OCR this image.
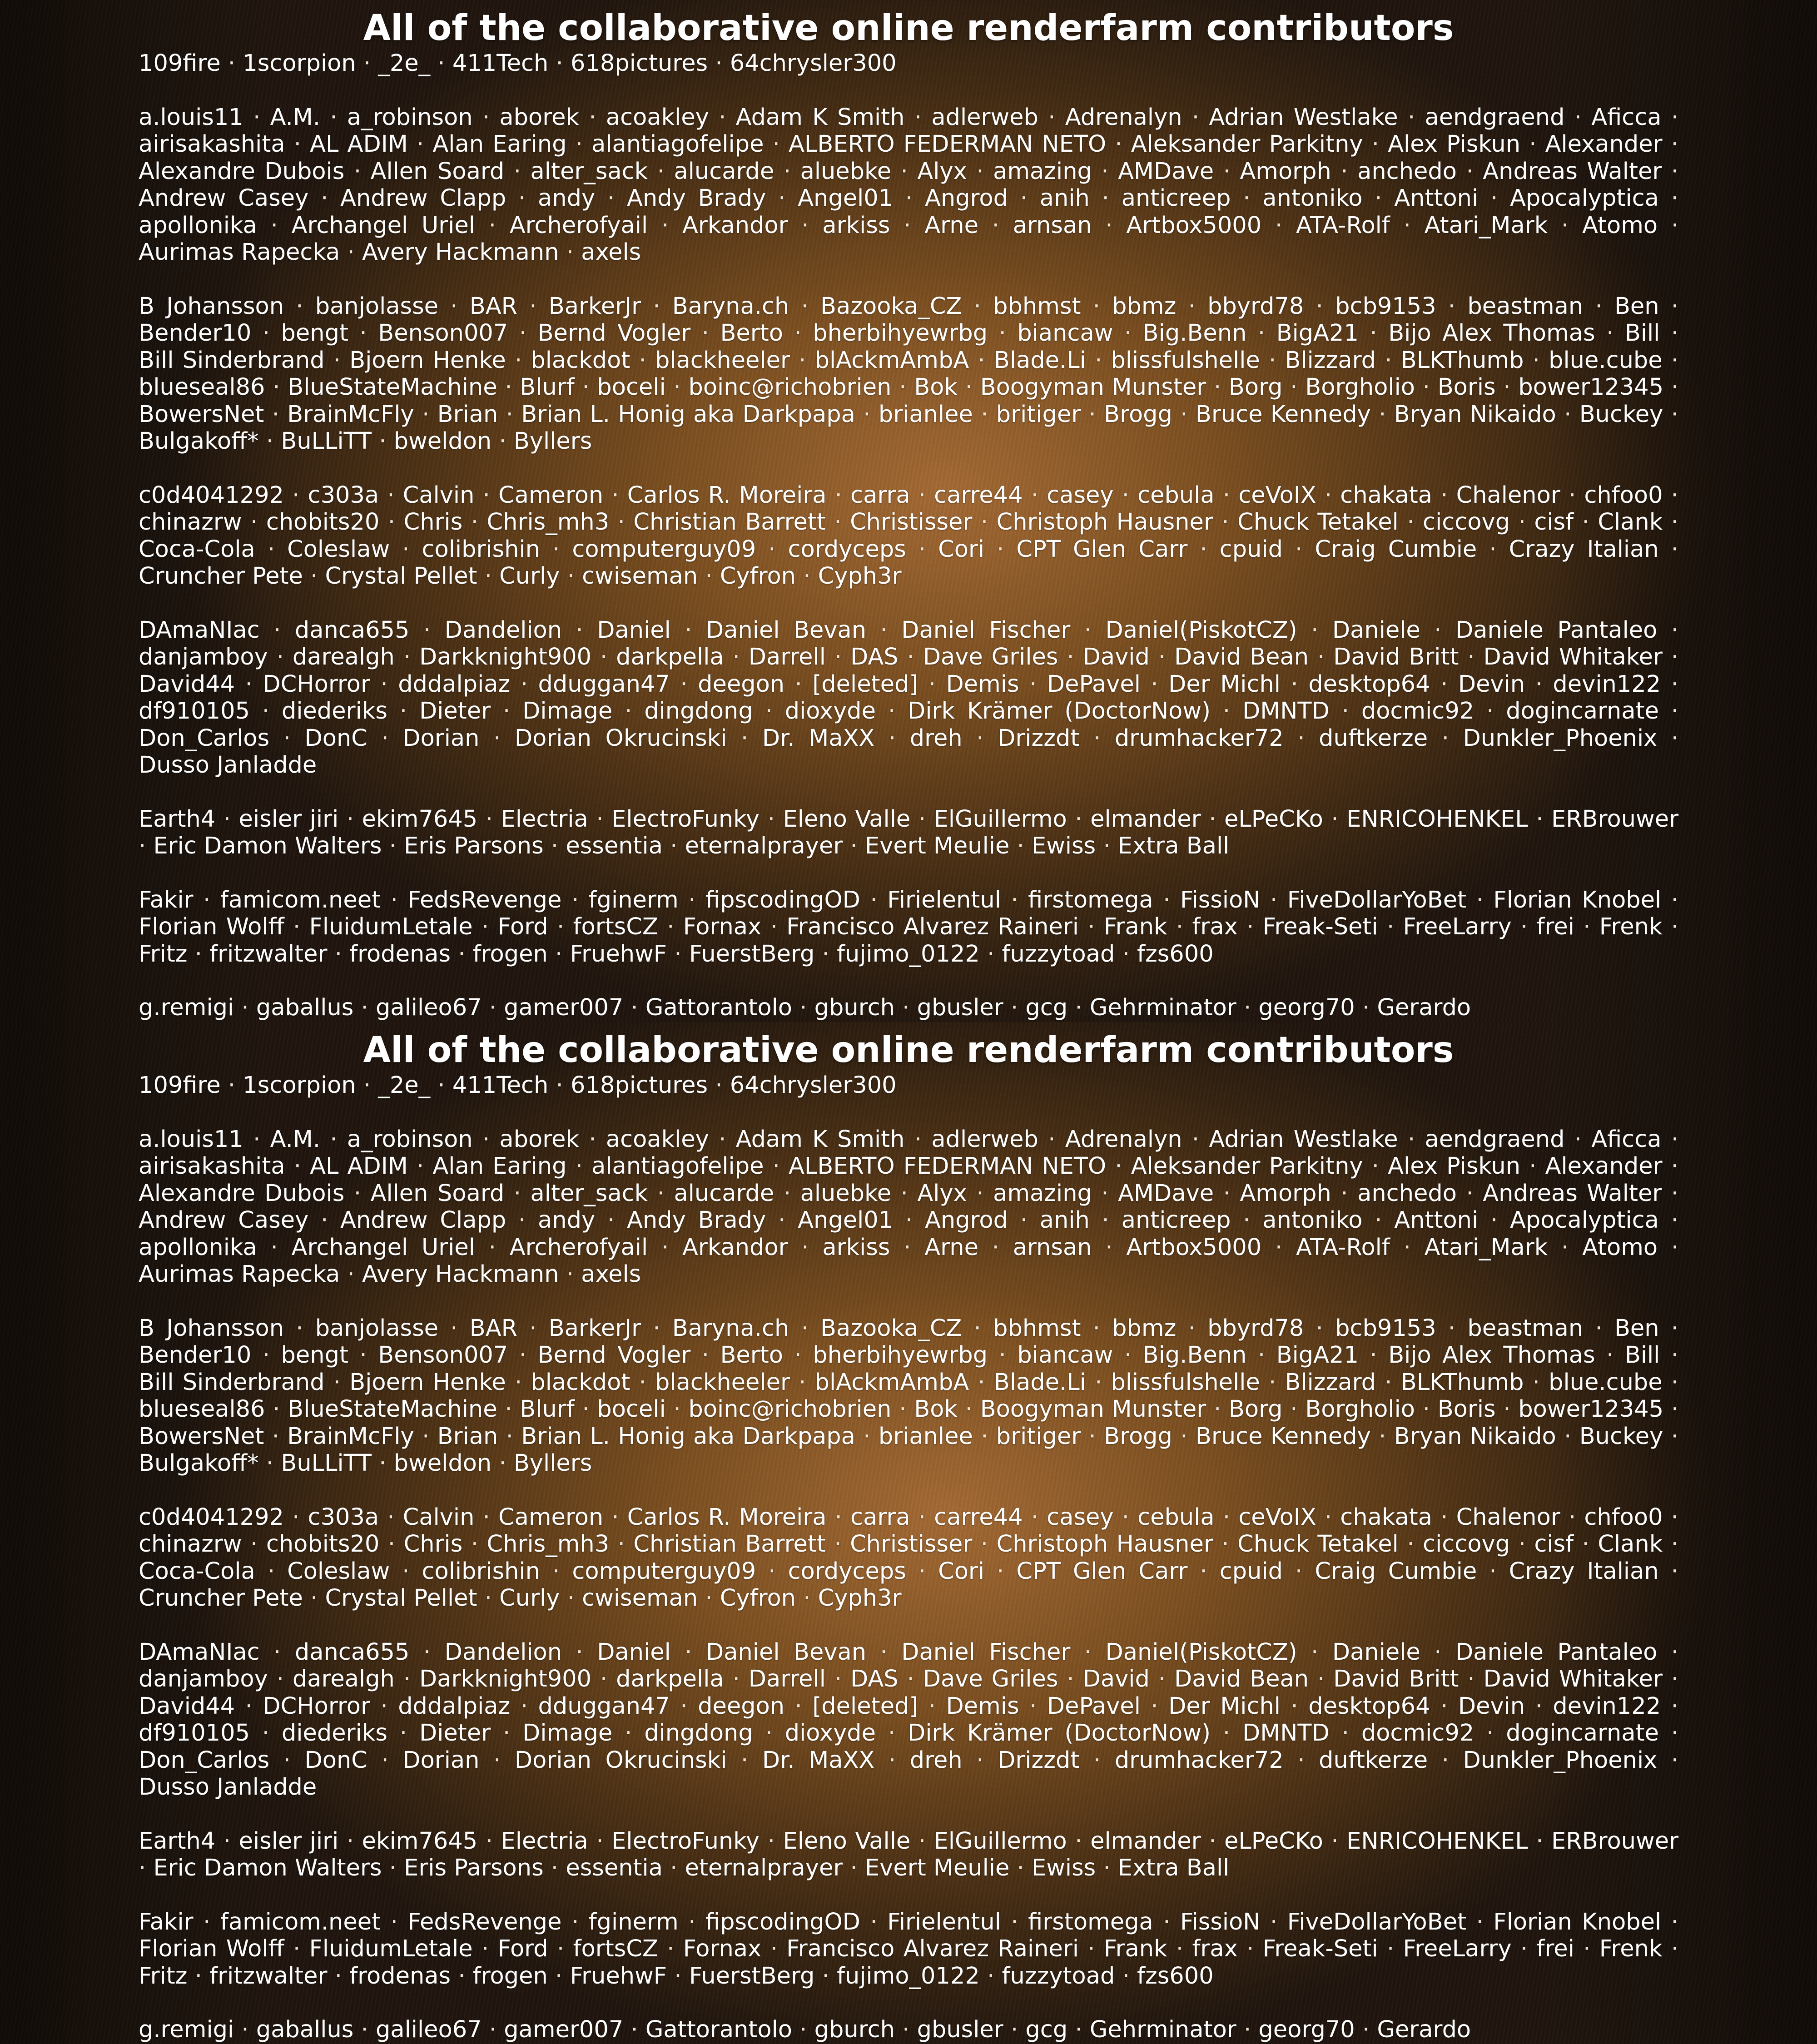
All of the collaborative online renderfarm contributors
109fire · 1scorpion · _2e_ · 411Tech · 618pictures · 64chrysler300
a.louis11 · A.M. · a_robinson · aborek · acoakley · Adam K Smith · adlerweb · Adrenalyn · Adrian Westlake · aendgraend · Aficca · airisakashita · AL ADIM · Alan Earing · alantiagofelipe · ALBERTO FEDERMAN NETO · Aleksander Parkitny · Alex Piskun · Alexander · Alexandre Dubois · Allen Soard · alter_sack · alucarde · aluebke · Alyx · amazing · AMDave · Amorph · anchedo · Andreas Walter · Andrew Casey · Andrew Clapp · andy · Andy Brady · Angel01 · Angrod · anih · anticreep · antoniko · Anttoni · Apocalyptica · apollonika · Archangel Uriel · Archerofyail · Arkandor · arkiss · Arne · arnsan · Artbox5000 · ATA-Rolf · Atari_Mark · Atomo · Aurimas Rapecka · Avery Hackmann · axels
B Johansson · banjolasse · BAR · BarkerJr · Baryna.ch · Bazooka_CZ · bbhmst · bbmz · bbyrd78 · bcb9153 · beastman · Ben · Bender10 · bengt · Benson007 · Bernd Vogler · Berto · bherbihyewrbg · biancaw · Big.Benn · BigA21 · Bijo Alex Thomas · Bill · Bill Sinderbrand · Bjoern Henke · blackdot · blackheeler · blAckmAmbA · Blade.Li · blissfulshelle · Blizzard · BLKThumb · blue.cube · blueseal86 · BlueStateMachine · Blurf · boceli · boinc@richobrien · Bok · Boogyman Munster · Borg · Borgholio · Boris · bower12345 · BowersNet · BrainMcFly · Brian · Brian L. Honig aka Darkpapa · brianlee · britiger · Brogg · Bruce Kennedy · Bryan Nikaido · Buckey · Bulgakoff* · BuLLiTT · bweldon · Byllers
c0d4041292 · c303a · Calvin · Cameron · Carlos R. Moreira · carra · carre44 · casey · cebula · ceVoIX · chakata · Chalenor · chfoo0 · chinazrw · chobits20 · Chris · Chris_mh3 · Christian Barrett · Christisser · Christoph Hausner · Chuck Tetakel · ciccovg · cisf · Clank · Coca-Cola · Coleslaw · colibrishin · computerguy09 · cordyceps · Cori · CPT Glen Carr · cpuid · Craig Cumbie · Crazy Italian · Cruncher Pete · Crystal Pellet · Curly · cwiseman · Cyfron · Cyph3r
DAmaNIac · danca655 · Dandelion · Daniel · Daniel Bevan · Daniel Fischer · Daniel(PiskotCZ) · Daniele · Daniele Pantaleo · danjamboy · darealgh · Darkknight900 · darkpella · Darrell · DAS · Dave Griles · David · David Bean · David Britt · David Whitaker · David44 · DCHorror · dddalpiaz · dduggan47 · deegon · [deleted] · Demis · DePavel · Der Michl · desktop64 · Devin · devin122 · df910105 · diederiks · Dieter · Dimage · dingdong · dioxyde · Dirk Krämer (DoctorNow) · DMNTD · docmic92 · dogincarnate · Don_Carlos · DonC · Dorian · Dorian Okrucinski · Dr. MaXX · dreh · Drizzdt · drumhacker72 · duftkerze · Dunkler_Phoenix · Dusso Janladde
Earth4 · eisler jiri · ekim7645 · Electria · ElectroFunky · Eleno Valle · ElGuillermo · elmander · eLPeCKo · ENRICOHENKEL · ERBrouwer · Eric Damon Walters · Eris Parsons · essentia · eternalprayer · Evert Meulie · Ewiss · Extra Ball
Fakir · famicom.neet · FedsRevenge · fginerm · fipscodingOD · Firielentul · firstomega · FissioN · FiveDollarYoBet · Florian Knobel · Florian Wolff · FluidumLetale · Ford · fortsCZ · Fornax · Francisco Alvarez Raineri · Frank · frax · Freak-Seti · FreeLarry · frei · Frenk · Fritz · fritzwalter · frodenas · frogen · FruehwF · FuerstBerg · fujimo_0122 · fuzzytoad · fzs600
g.remigi · gaballus · galileo67 · gamer007 · Gattorantolo · gburch · gbusler · gcg · Gehrminator · georg70 · Gerardo
All of the collaborative online renderfarm contributors
109fire · 1scorpion · _2e_ · 411Tech · 618pictures · 64chrysler300
a.louis11 · A.M. · a_robinson · aborek · acoakley · Adam K Smith · adlerweb · Adrenalyn · Adrian Westlake · aendgraend · Aficca · airisakashita · AL ADIM · Alan Earing · alantiagofelipe · ALBERTO FEDERMAN NETO · Aleksander Parkitny · Alex Piskun · Alexander · Alexandre Dubois · Allen Soard · alter_sack · alucarde · aluebke · Alyx · amazing · AMDave · Amorph · anchedo · Andreas Walter · Andrew Casey · Andrew Clapp · andy · Andy Brady · Angel01 · Angrod · anih · anticreep · antoniko · Anttoni · Apocalyptica · apollonika · Archangel Uriel · Archerofyail · Arkandor · arkiss · Arne · arnsan · Artbox5000 · ATA-Rolf · Atari_Mark · Atomo · Aurimas Rapecka · Avery Hackmann · axels
B Johansson · banjolasse · BAR · BarkerJr · Baryna.ch · Bazooka_CZ · bbhmst · bbmz · bbyrd78 · bcb9153 · beastman · Ben · Bender10 · bengt · Benson007 · Bernd Vogler · Berto · bherbihyewrbg · biancaw · Big.Benn · BigA21 · Bijo Alex Thomas · Bill · Bill Sinderbrand · Bjoern Henke · blackdot · blackheeler · blAckmAmbA · Blade.Li · blissfulshelle · Blizzard · BLKThumb · blue.cube · blueseal86 · BlueStateMachine · Blurf · boceli · boinc@richobrien · Bok · Boogyman Munster · Borg · Borgholio · Boris · bower12345 · BowersNet · BrainMcFly · Brian · Brian L. Honig aka Darkpapa · brianlee · britiger · Brogg · Bruce Kennedy · Bryan Nikaido · Buckey · Bulgakoff* · BuLLiTT · bweldon · Byllers
c0d4041292 · c303a · Calvin · Cameron · Carlos R. Moreira · carra · carre44 · casey · cebula · ceVoIX · chakata · Chalenor · chfoo0 · chinazrw · chobits20 · Chris · Chris_mh3 · Christian Barrett · Christisser · Christoph Hausner · Chuck Tetakel · ciccovg · cisf · Clank · Coca-Cola · Coleslaw · colibrishin · computerguy09 · cordyceps · Cori · CPT Glen Carr · cpuid · Craig Cumbie · Crazy Italian · Cruncher Pete · Crystal Pellet · Curly · cwiseman · Cyfron · Cyph3r
DAmaNIac · danca655 · Dandelion · Daniel · Daniel Bevan · Daniel Fischer · Daniel(PiskotCZ) · Daniele · Daniele Pantaleo · danjamboy · darealgh · Darkknight900 · darkpella · Darrell · DAS · Dave Griles · David · David Bean · David Britt · David Whitaker · David44 · DCHorror · dddalpiaz · dduggan47 · deegon · [deleted] · Demis · DePavel · Der Michl · desktop64 · Devin · devin122 · df910105 · diederiks · Dieter · Dimage · dingdong · dioxyde · Dirk Krämer (DoctorNow) · DMNTD · docmic92 · dogincarnate · Don_Carlos · DonC · Dorian · Dorian Okrucinski · Dr. MaXX · dreh · Drizzdt · drumhacker72 · duftkerze · Dunkler_Phoenix · Dusso Janladde
Earth4 · eisler jiri · ekim7645 · Electria · ElectroFunky · Eleno Valle · ElGuillermo · elmander · eLPeCKo · ENRICOHENKEL · ERBrouwer · Eric Damon Walters · Eris Parsons · essentia · eternalprayer · Evert Meulie · Ewiss · Extra Ball
Fakir · famicom.neet · FedsRevenge · fginerm · fipscodingOD · Firielentul · firstomega · FissioN · FiveDollarYoBet · Florian Knobel · Florian Wolff · FluidumLetale · Ford · fortsCZ · Fornax · Francisco Alvarez Raineri · Frank · frax · Freak-Seti · FreeLarry · frei · Frenk · Fritz · fritzwalter · frodenas · frogen · FruehwF · FuerstBerg · fujimo_0122 · fuzzytoad · fzs600
g.remigi · gaballus · galileo67 · gamer007 · Gattorantolo · gburch · gbusler · gcg · Gehrminator · georg70 · Gerardo
